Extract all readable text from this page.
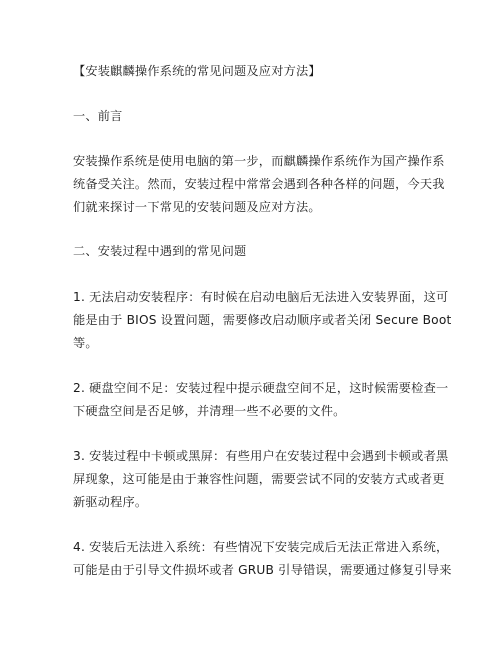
【安装麒麟操作系统的常见问题及应对方法】
一、前言
安装操作系统是使用电脑的第一步，而麒麟操作系统作为国产操作系
统备受关注。然而，安装过程中常常会遇到各种各样的问题，今天我
们就来探讨一下常见的安装问题及应对方法。
二、安装过程中遇到的常见问题
1. 无法启动安装程序：有时候在启动电脑后无法进入安装界面，这可
能是由于 BIOS 设置问题，需要修改启动顺序或者关闭 Secure Boot
等。
2. 硬盘空间不足：安装过程中提示硬盘空间不足，这时候需要检查一
下硬盘空间是否足够，并清理一些不必要的文件。
3. 安装过程中卡顿或黑屏：有些用户在安装过程中会遇到卡顿或者黑
屏现象，这可能是由于兼容性问题，需要尝试不同的安装方式或者更
新驱动程序。
4. 安装后无法进入系统：有些情况下安装完成后无法正常进入系统，
可能是由于引导文件损坏或者 GRUB 引导错误，需要通过修复引导来
